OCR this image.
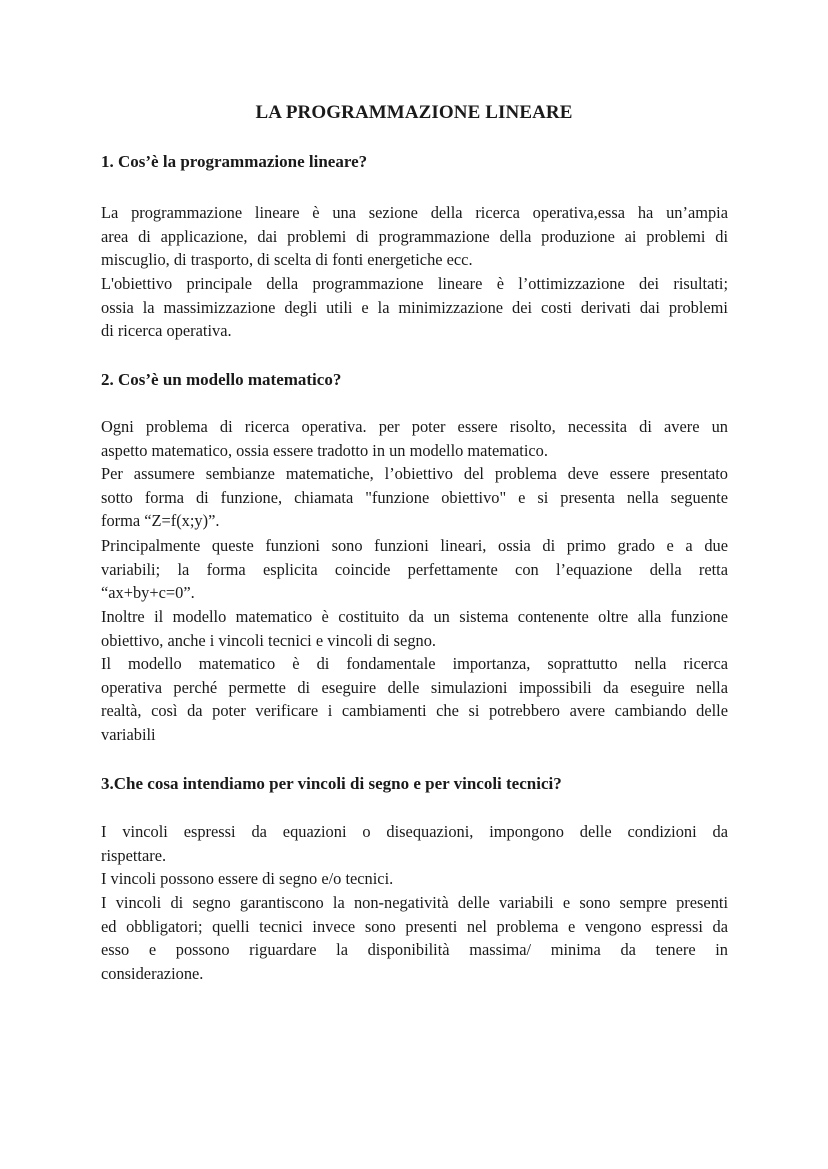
LA PROGRAMMAZIONE LINEARE
1. Cos’è la programmazione lineare?
La programmazione lineare è una sezione della ricerca operativa,essa ha un’ampia
area di applicazione, dai problemi di programmazione della produzione ai problemi di
miscuglio, di trasporto, di scelta di fonti energetiche ecc.
L'obiettivo principale della programmazione lineare è l’ottimizzazione dei risultati;
ossia la massimizzazione degli utili e la minimizzazione dei costi derivati dai problemi
di ricerca operativa.
2. Cos’è un modello matematico?
Ogni problema di ricerca operativa. per poter essere risolto, necessita di avere un
aspetto matematico, ossia essere tradotto in un modello matematico.
Per assumere sembianze matematiche, l’obiettivo del problema deve essere presentato
sotto forma di funzione, chiamata "funzione obiettivo" e si presenta nella seguente
forma “Z=f(x;y)”.
Principalmente queste funzioni sono funzioni lineari, ossia di primo grado e a due
variabili; la forma esplicita coincide perfettamente con l’equazione della retta
“ax+by+c=0”.
Inoltre il modello matematico è costituito da un sistema contenente oltre alla funzione
obiettivo, anche i vincoli tecnici e vincoli di segno.
Il modello matematico è di fondamentale importanza, soprattutto nella ricerca
operativa perché permette di eseguire delle simulazioni impossibili da eseguire nella
realtà, così da poter verificare i cambiamenti che si potrebbero avere cambiando delle
variabili
3.Che cosa intendiamo per vincoli di segno e per vincoli tecnici?
I vincoli espressi da equazioni o disequazioni, impongono delle condizioni da
rispettare.
I vincoli possono essere di segno e/o tecnici.
I vincoli di segno garantiscono la non-negatività delle variabili e sono sempre presenti
ed obbligatori; quelli tecnici invece sono presenti nel problema e vengono espressi da
esso e possono riguardare la disponibilità massima/ minima da tenere in
considerazione.
